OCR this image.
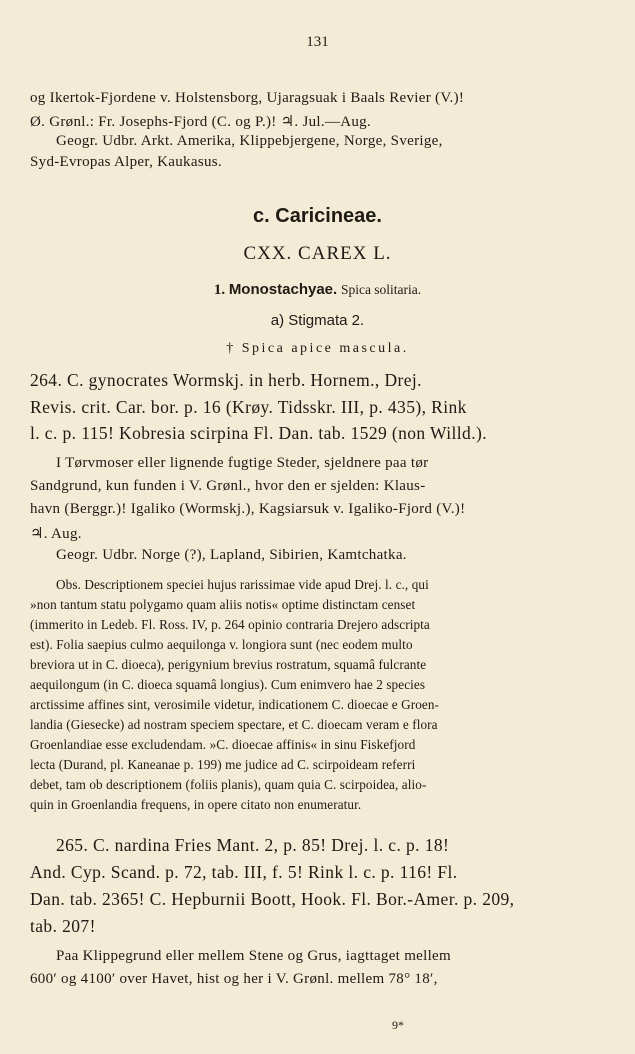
131
og Ikertok-Fjordene v. Holstensborg, Ujaragsuak i Baals Revier (V.)!
Ø. Grønl.: Fr. Josephs-Fjord (C. og P.)! ♃. Jul.—Aug.
Geogr. Udbr. Arkt. Amerika, Klippebjergene, Norge, Sverige,
Syd-Evropas Alper, Kaukasus.
c. Caricineae.
CXX. CAREX L.
1. Monostachyae. Spica solitaria.
a) Stigmata 2.
† Spica apice mascula.
264. C. gynocrates Wormskj. in herb. Hornem., Drej.
Revis. crit. Car. bor. p. 16 (Krøy. Tidsskr. III, p. 435), Rink
l. c. p. 115! Kobresia scirpina Fl. Dan. tab. 1529 (non Willd.).
I Tørvmoser eller lignende fugtige Steder, sjeldnere paa tør
Sandgrund, kun funden i V. Grønl., hvor den er sjelden: Klaus-
havn (Berggr.)! Igaliko (Wormskj.), Kagsiarsuk v. Igaliko-Fjord (V.)!
♃. Aug.
Geogr. Udbr. Norge (?), Lapland, Sibirien, Kamtchatka.
Obs. Descriptionem speciei hujus rarissimae vide apud Drej. l. c., qui
»non tantum statu polygamo quam aliis notis« optime distinctam censet
(immerito in Ledeb. Fl. Ross. IV, p. 264 opinio contraria Drejero adscripta
est). Folia saepius culmo aequilonga v. longiora sunt (nec eodem multo
breviora ut in C. dioeca), perigynium brevius rostratum, squamâ fulcrante
aequilongum (in C. dioeca squamâ longius). Cum enimvero hae 2 species
arctissime affines sint, verosimile videtur, indicationem C. dioecae e Groen-
landia (Giesecke) ad nostram speciem spectare, et C. dioecam veram e flora
Groenlandiae esse excludendam. »C. dioecae affinis« in sinu Fiskefjord
lecta (Durand, pl. Kaneanae p. 199) me judice ad C. scirpoideam referri
debet, tam ob descriptionem (foliis planis), quam quia C. scirpoidea, alio-
quin in Groenlandia frequens, in opere citato non enumeratur.
265. C. nardina Fries Mant. 2, p. 85! Drej. l. c. p. 18!
And. Cyp. Scand. p. 72, tab. III, f. 5! Rink l. c. p. 116! Fl.
Dan. tab. 2365! C. Hepburnii Boott, Hook. Fl. Bor.-Amer. p. 209,
tab. 207!
Paa Klippegrund eller mellem Stene og Grus, iagttaget mellem
600′ og 4100′ over Havet, hist og her i V. Grønl. mellem 78° 18′,
9*
